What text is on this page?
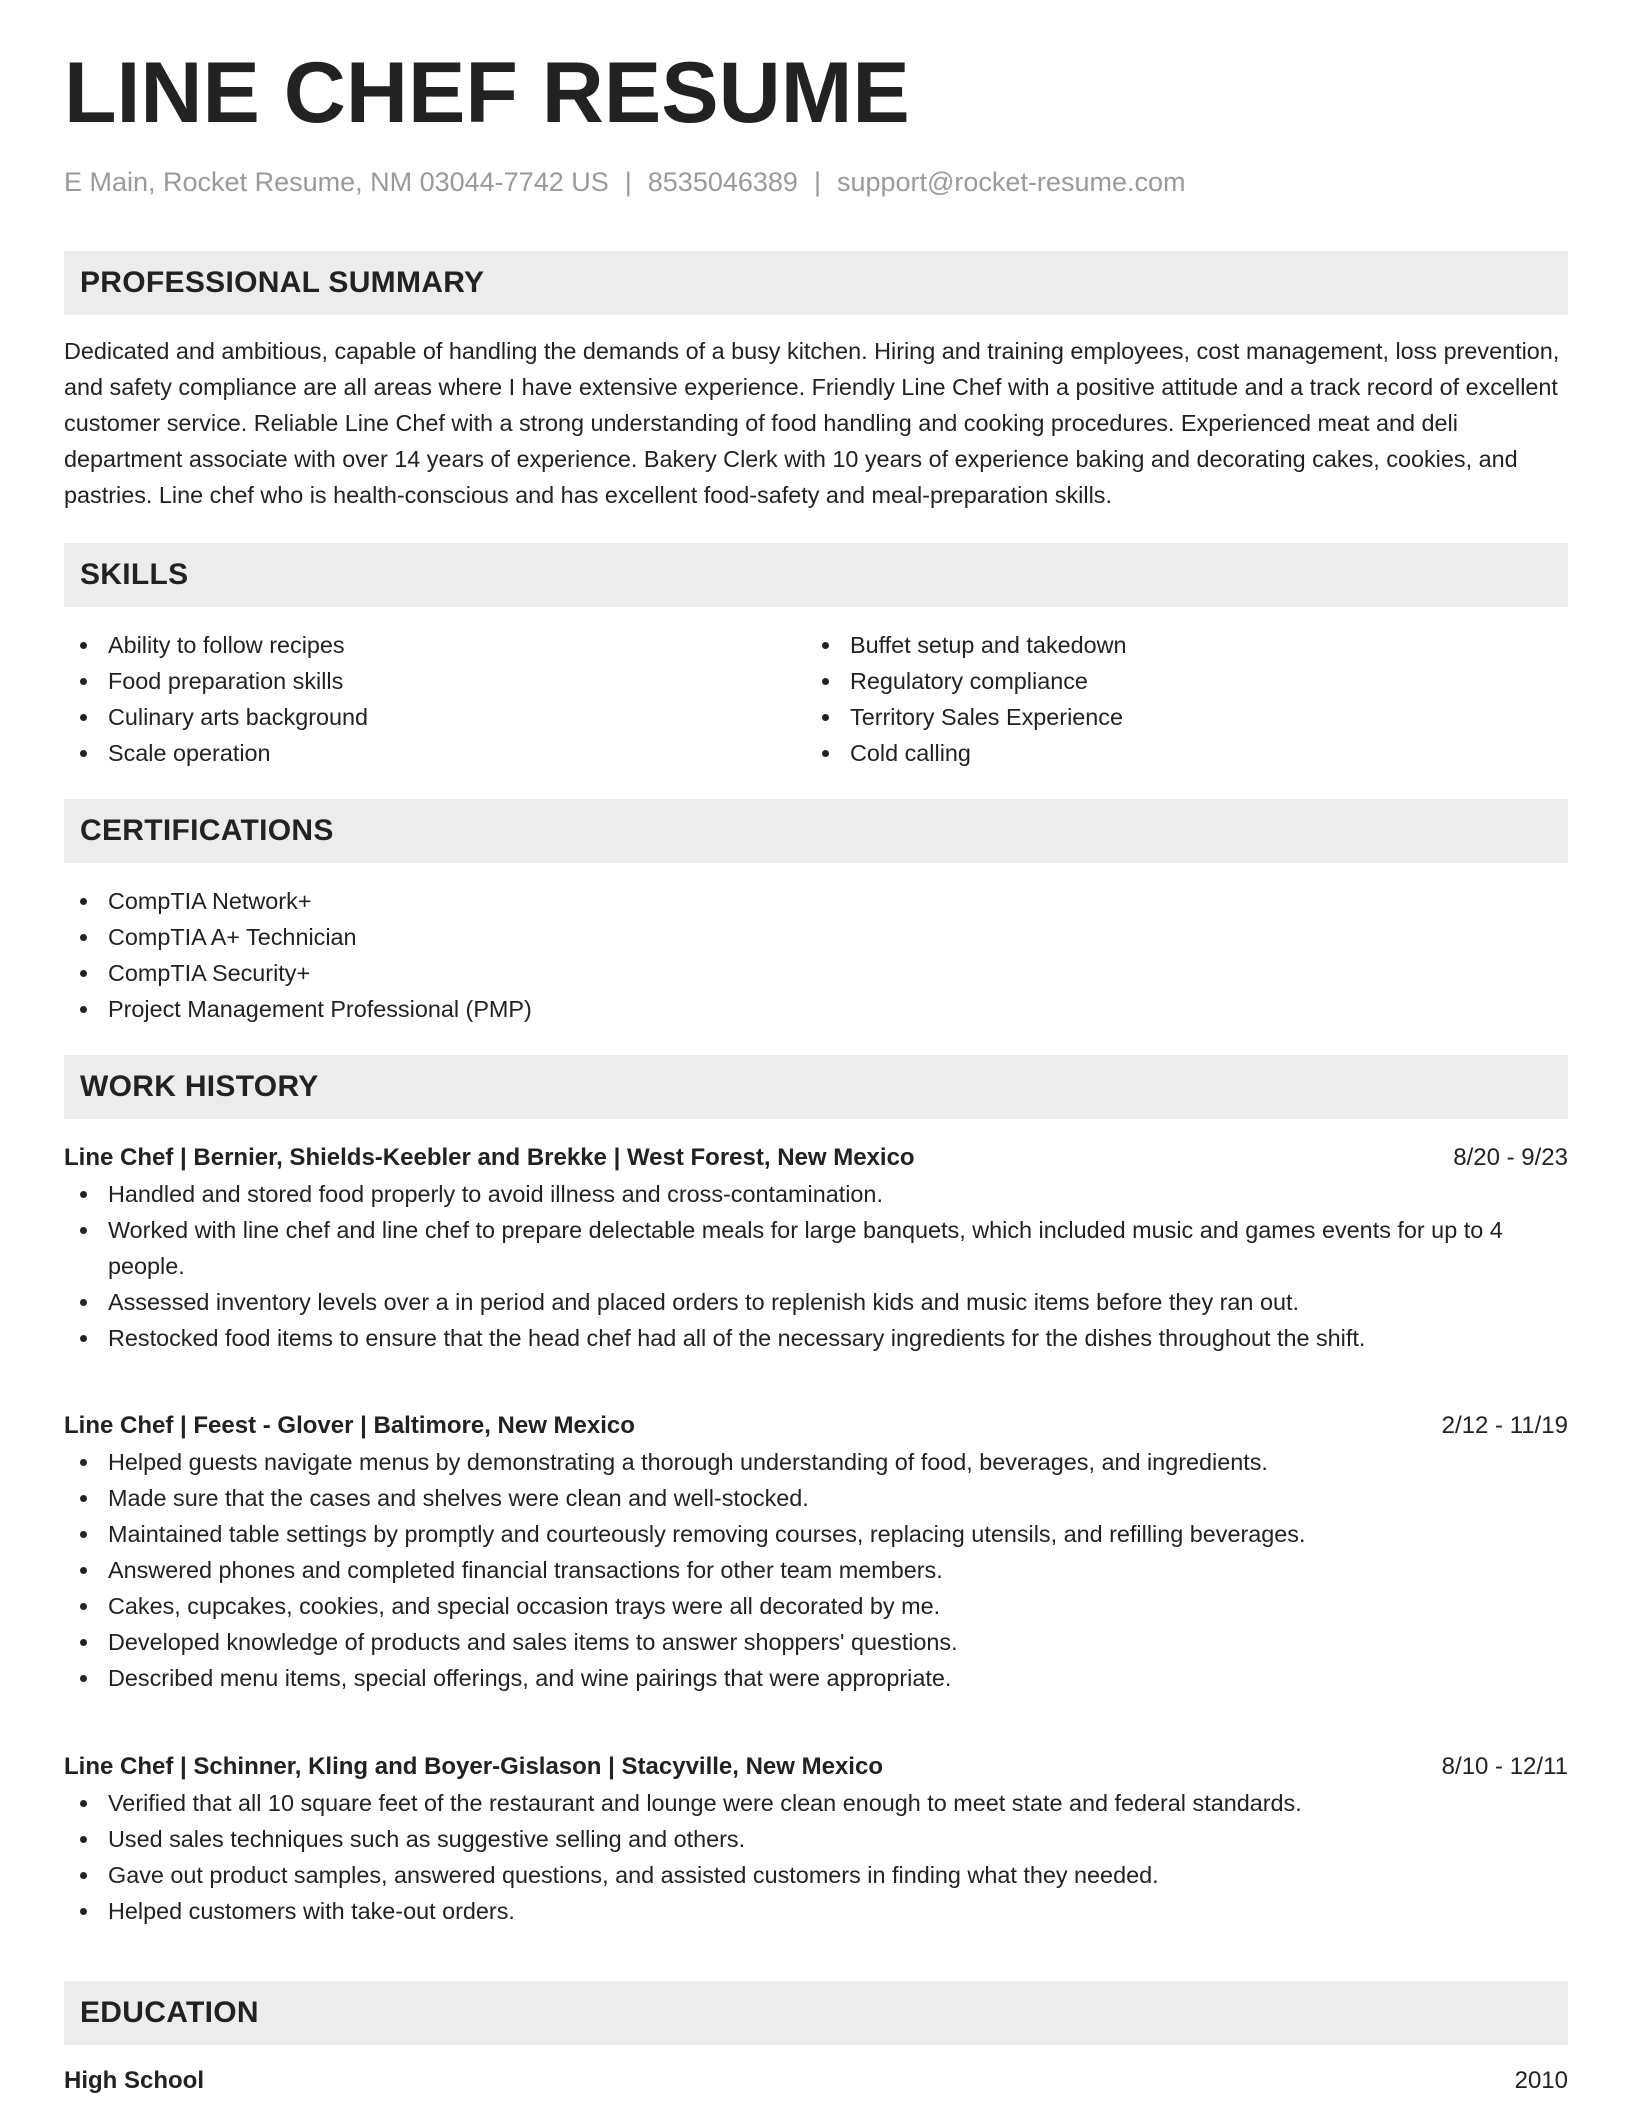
LINE CHEF RESUME
E Main, Rocket Resume, NM 03044-7742 US | 8535046389 | support@rocket-resume.com
PROFESSIONAL SUMMARY

Dedicated and ambitious, capable of handling the demands of a busy kitchen. Hiring and training employees, cost management, loss prevention, and safety compliance are all areas where I have extensive experience. Friendly Line Chef with a positive attitude and a track record of excellent customer service. Reliable Line Chef with a strong understanding of food handling and cooking procedures. Experienced meat and deli department associate with over 14 years of experience. Bakery Clerk with 10 years of experience baking and decorating cakes, cookies, and pastries. Line chef who is health-conscious and has excellent food-safety and meal-preparation skills.

SKILLS
Ability to follow recipes
Food preparation skills
Culinary arts background
Scale operation
Buffet setup and takedown
Regulatory compliance
Territory Sales Experience
Cold calling
CERTIFICATIONS
CompTIA Network+
CompTIA A+ Technician
CompTIA Security+
Project Management Professional (PMP)
WORK HISTORY
Line Chef | Bernier, Shields-Keebler and Brekke | West Forest, New Mexico	8/20 - 9/23
Handled and stored food properly to avoid illness and cross-contamination.
Worked with line chef and line chef to prepare delectable meals for large banquets, which included music and games events for up to 4 people.
Assessed inventory levels over a in period and placed orders to replenish kids and music items before they ran out.
Restocked food items to ensure that the head chef had all of the necessary ingredients for the dishes throughout the shift.
Line Chef | Feest - Glover | Baltimore, New Mexico	2/12 - 11/19
Helped guests navigate menus by demonstrating a thorough understanding of food, beverages, and ingredients.
Made sure that the cases and shelves were clean and well-stocked.
Maintained table settings by promptly and courteously removing courses, replacing utensils, and refilling beverages.
Answered phones and completed financial transactions for other team members.
Cakes, cupcakes, cookies, and special occasion trays were all decorated by me.
Developed knowledge of products and sales items to answer shoppers' questions.
Described menu items, special offerings, and wine pairings that were appropriate.
Line Chef | Schinner, Kling and Boyer-Gislason | Stacyville, New Mexico	8/10 - 12/11
Verified that all 10 square feet of the restaurant and lounge were clean enough to meet state and federal standards.
Used sales techniques such as suggestive selling and others.
Gave out product samples, answered questions, and assisted customers in finding what they needed.
Helped customers with take-out orders.
EDUCATION
High School	2010
